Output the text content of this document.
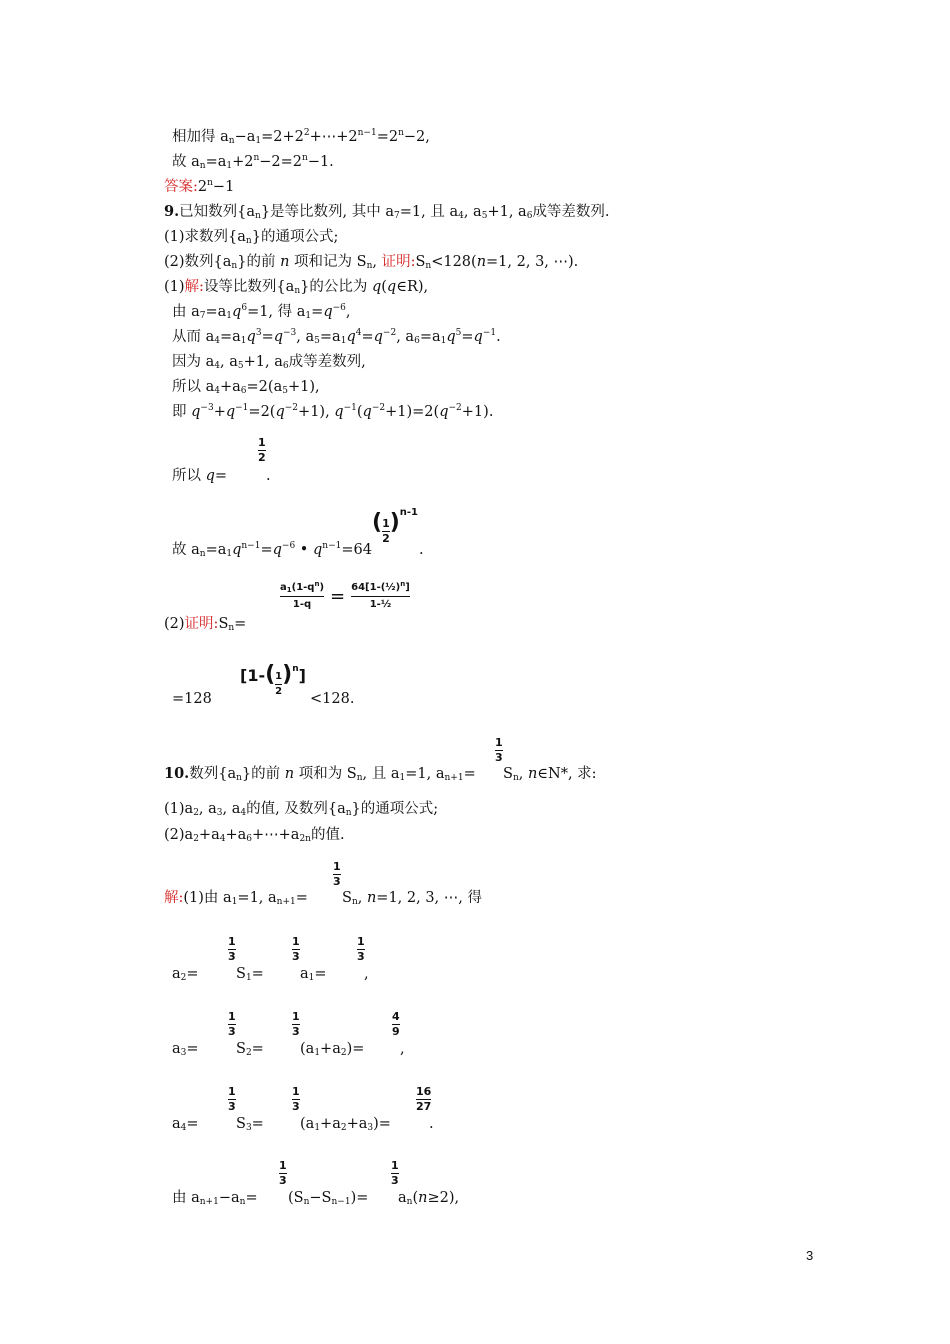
相加得 $a_n-a_1=2+2^2+\cdots+2^{n-1}=2^n-2$,
故 $a_n=a_1+2^n-2=2^n-1$.
答案$:2^n-1$
9.已知数列$\{a_n\}$是等比数列, 其中 $a_7=1$, 且 $a_4$, $a_5+1$, $a_6$成等差数列.
(1)求数列$\{a_n\}$的通项公式;
(2)数列$\{a_n\}$的前 n 项和记为 $S_n$, 证明$:S_n<128(n=1$, 2, 3, ⋯).
(1)解:设等比数列$\{a_n\}$的公比为 q(q∈R),
由 $a_7=a_1q^6=1$, 得 $a_1=q^{-6}$,
从而 $a_4=a_1q^3=q^{-3}$, $a_5=a_1q^4=q^{-2}$, $a_6=a_1q^5=q^{-1}$.
因为 $a_4$, $a_5+1$, $a_6$成等差数列,
所以 $a_4+a_6=2(a_5+1)$,
即 $q^{-3}+q^{-1}=2(q^{-2}+1)$, $q^{-1}(q^{-2}+1)=2(q^{-2}+1)$.
1
2
所以 q=	.
故 $a_n=a_1q^{n-1}=q^{-6}$ • $q^{n-1}=64$
( $\frac{1}{2} )^{n-1}$
.
(2)证明$:S_n=$
$a_1(1-q^n)$
1-q = 64[1-(½)$^n$]
1-½
=128
$[1-( \frac{1}{2} )^n]$
<128.
1
3
10.数列$\{a_n\}$的前 n 项和为 $S_n$, 且 $a_1=1$, $a_{n+1}= S_n$, n∈N*, 求:
$(1)a_2$, $a_3$, $a_4$的值, 及数列$\{a_n\}$的通项公式;
$(2)a_2+a_4+a_6+\cdots+a_{2n}$的值.
1
3
解:(1)由 $a_1=1$, $a_{n+1}= S_n$, n=1, 2, 3, ⋯, 得
1
3
1
3
1
3
$a_2=$	$S_1= a_1=$	,
1
3
1
3
4
9
$a_3=$	$S_2= (a_1+a_2)=$ ,
1
3
1
3
16
27
$a_4=$	$S_3= (a_1+a_2+a_3)=$	.
1
3
1
3
由 $a_{n+1}-a_n= (S_n-S_{n-1})= a_n(n\ge 2)$,
3
